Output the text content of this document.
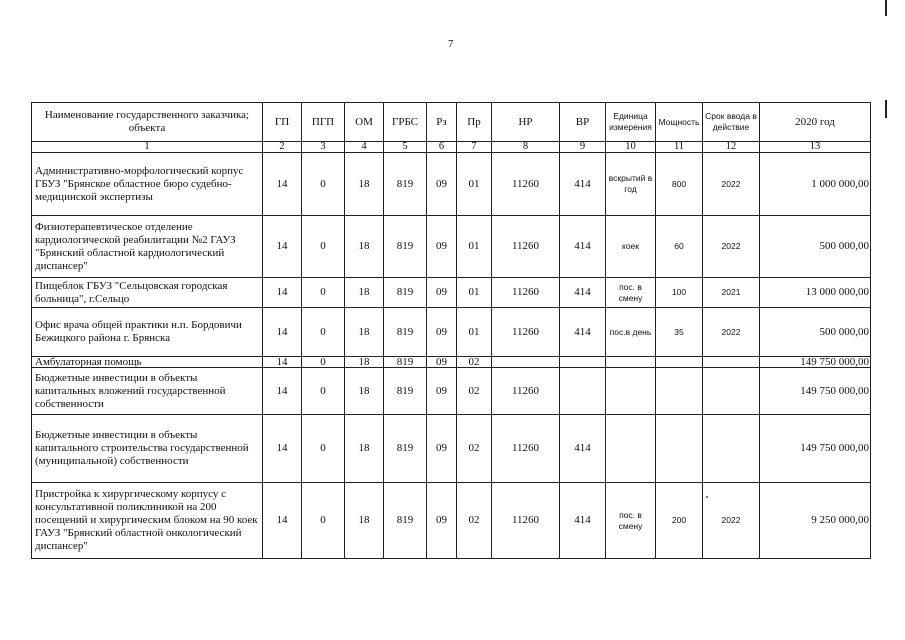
7
Наименование государственного заказчика; объекта	ГП	ПГП	ОМ	ГРБС	Рз	Пр	НР	ВР	Единица измерения	Мощность	Срок ввода в действие	2020 год
1	2	3	4	5	6	7	8	9	10	11	12	13
Административно-морфологический корпус ГБУЗ "Брянское областное бюро судебно-медицинской экспертизы	14	0	18	819	09	01	11260	414	вскрытий в год	800	2022	1 000 000,00
Физиотерапевтическое отделение кардиологической реабилитации №2 ГАУЗ "Брянский областной кардиологический диспансер"	14	0	18	819	09	01	11260	414	коек	60	2022	500 000,00
Пищеблок ГБУЗ "Сельцовская городская больница", г.Сельцо	14	0	18	819	09	01	11260	414	пос. в смену	100	2021	13 000 000,00
Офис врача общей практики н.п. Бордовичи Бежицкого района г. Брянска	14	0	18	819	09	01	11260	414	пос.в день	35	2022	500 000,00
Амбулаторная помощь	14	0	18	819	09	02						149 750 000,00
Бюджетные инвестиции в объекты капитальных вложений государственной собственности	14	0	18	819	09	02	11260					149 750 000,00
Бюджетные инвестиции в объекты капитального строительства государственной (муниципальной) собственности	14	0	18	819	09	02	11260	414				149 750 000,00
Пристройка к хирургическому корпусу с консультативной поликлиникой на 200 посещений и хирургическим блоком на 90 коек ГАУЗ "Брянский областной онкологический диспансер"	14	0	18	819	09	02	11260	414	пос. в смену	200	2022	9 250 000,00
